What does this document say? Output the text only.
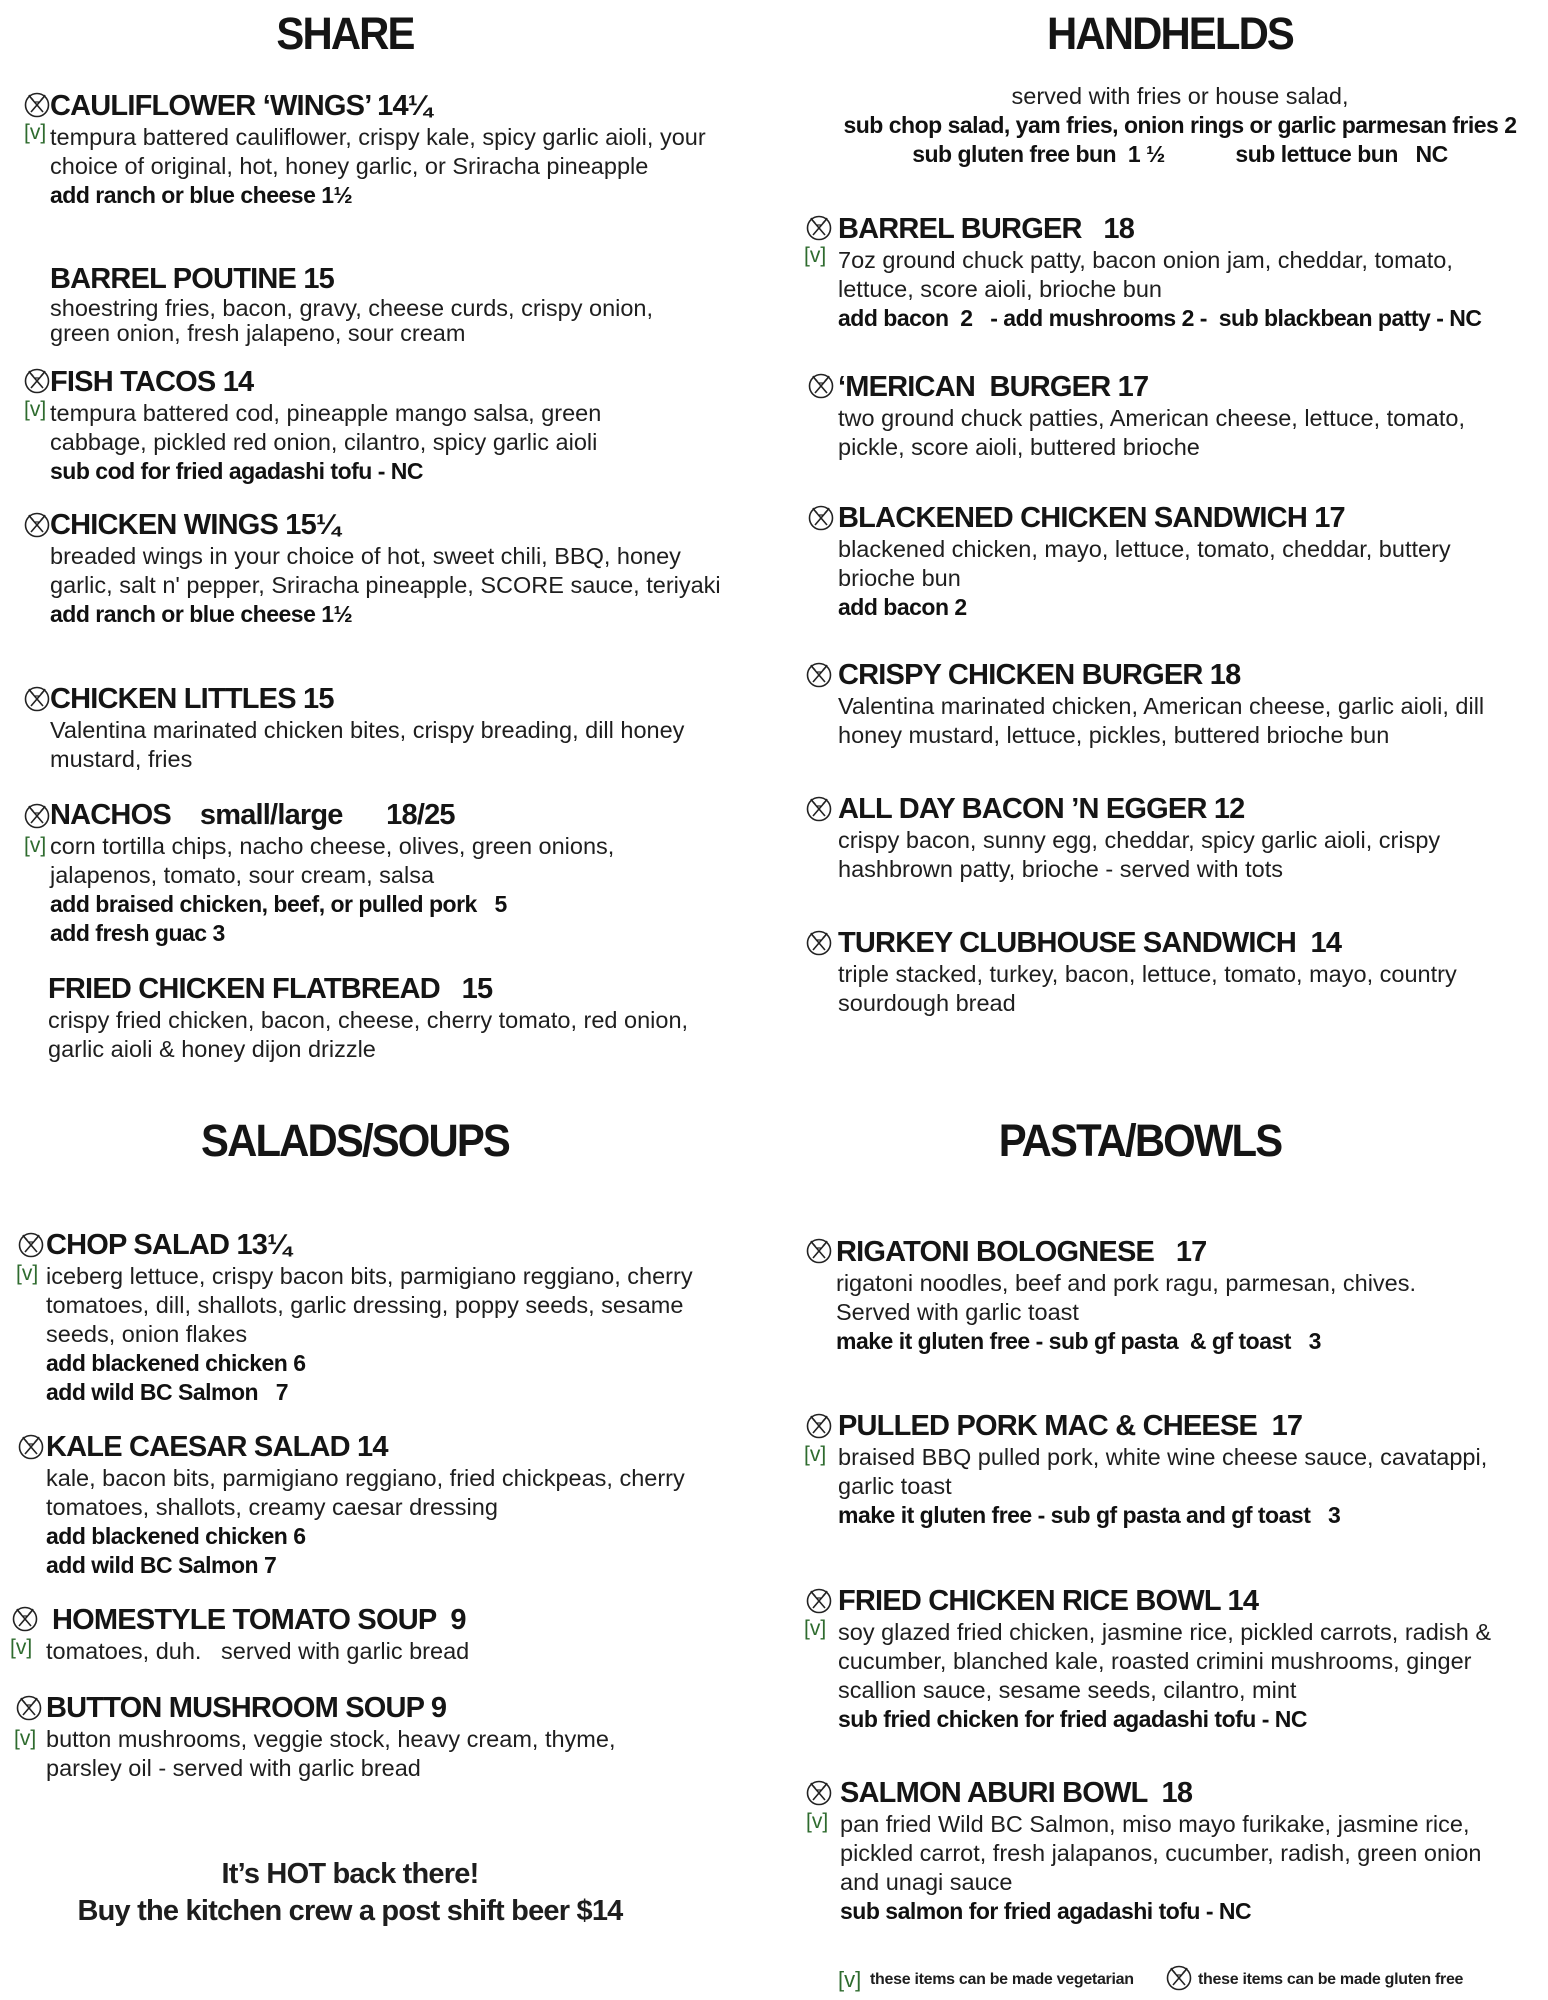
SHARE
[v]
CAULIFLOWER ‘WINGS’ 14¼
tempura battered cauliflower, crispy kale, spicy garlic aioli, your choice of original, hot, honey garlic, or Sriracha pineapple
add ranch or blue cheese 1½
BARREL POUTINE 15
shoestring fries, bacon, gravy, cheese curds, crispy onion, green onion, fresh jalapeno, sour cream
[v]
FISH TACOS 14
tempura battered cod, pineapple mango salsa, green cabbage, pickled red onion, cilantro, spicy garlic aioli
sub cod for fried agadashi tofu - NC
CHICKEN WINGS 15¼
breaded wings in your choice of hot, sweet chili, BBQ, honey garlic, salt n' pepper, Sriracha pineapple, SCORE sauce, teriyaki
add ranch or blue cheese 1½
CHICKEN LITTLES 15
Valentina marinated chicken bites, crispy breading, dill honey mustard, fries
[v]
NACHOS    small/large      18/25
corn tortilla chips, nacho cheese, olives, green onions, jalapenos, tomato, sour cream, salsa
add braised chicken, beef, or pulled pork   5
add fresh guac 3
FRIED CHICKEN FLATBREAD   15
crispy fried chicken, bacon, cheese, cherry tomato, red onion, garlic aioli & honey dijon drizzle
HANDHELDS
served with fries or house salad,
sub chop salad, yam fries, onion rings or garlic parmesan fries 2
sub gluten free bun  1 ½            sub lettuce bun   NC
[v]
BARREL BURGER   18
7oz ground chuck patty, bacon onion jam, cheddar, tomato, lettuce, score aioli, brioche bun
add bacon  2   - add mushrooms 2 -  sub blackbean patty - NC
‘MERICAN  BURGER 17
two ground chuck patties, American cheese, lettuce, tomato, pickle, score aioli, buttered brioche
BLACKENED CHICKEN SANDWICH 17
blackened chicken, mayo, lettuce, tomato, cheddar, buttery brioche bun
add bacon 2
CRISPY CHICKEN BURGER 18
Valentina marinated chicken, American cheese, garlic aioli, dill honey mustard, lettuce, pickles, buttered brioche bun
ALL DAY BACON ’N EGGER 12
crispy bacon, sunny egg, cheddar, spicy garlic aioli, crispy hashbrown patty, brioche - served with tots
TURKEY CLUBHOUSE SANDWICH  14
triple stacked, turkey, bacon, lettuce, tomato, mayo, country sourdough bread
SALADS/SOUPS
[v]
CHOP SALAD 13¼
iceberg lettuce, crispy bacon bits, parmigiano reggiano, cherry tomatoes, dill, shallots, garlic dressing, poppy seeds, sesame seeds, onion flakes
add blackened chicken 6
add wild BC Salmon   7
KALE CAESAR SALAD 14
kale, bacon bits, parmigiano reggiano, fried chickpeas, cherry tomatoes, shallots, creamy caesar dressing
add blackened chicken 6
add wild BC Salmon 7
[v]
HOMESTYLE TOMATO SOUP  9
tomatoes, duh.   served with garlic bread
[v]
BUTTON MUSHROOM SOUP 9
button mushrooms, veggie stock, heavy cream, thyme, parsley oil - served with garlic bread
It’s HOT back there!
Buy the kitchen crew a post shift beer $14
PASTA/BOWLS
RIGATONI BOLOGNESE   17
rigatoni noodles, beef and pork ragu, parmesan, chives. Served with garlic toast
make it gluten free - sub gf pasta  & gf toast   3
[v]
PULLED PORK MAC & CHEESE  17
braised BBQ pulled pork, white wine cheese sauce, cavatappi, garlic toast
make it gluten free - sub gf pasta and gf toast   3
[v]
FRIED CHICKEN RICE BOWL 14
soy glazed fried chicken, jasmine rice, pickled carrots, radish & cucumber, blanched kale, roasted crimini mushrooms, ginger scallion sauce, sesame seeds, cilantro, mint
sub fried chicken for fried agadashi tofu - NC
[v]
SALMON ABURI BOWL  18
pan fried Wild BC Salmon, miso mayo furikake, jasmine rice, pickled carrot, fresh jalapanos, cucumber, radish, green onion and unagi sauce
sub salmon for fried agadashi tofu - NC
[v] these items can be made vegetarian	these items can be made gluten free
